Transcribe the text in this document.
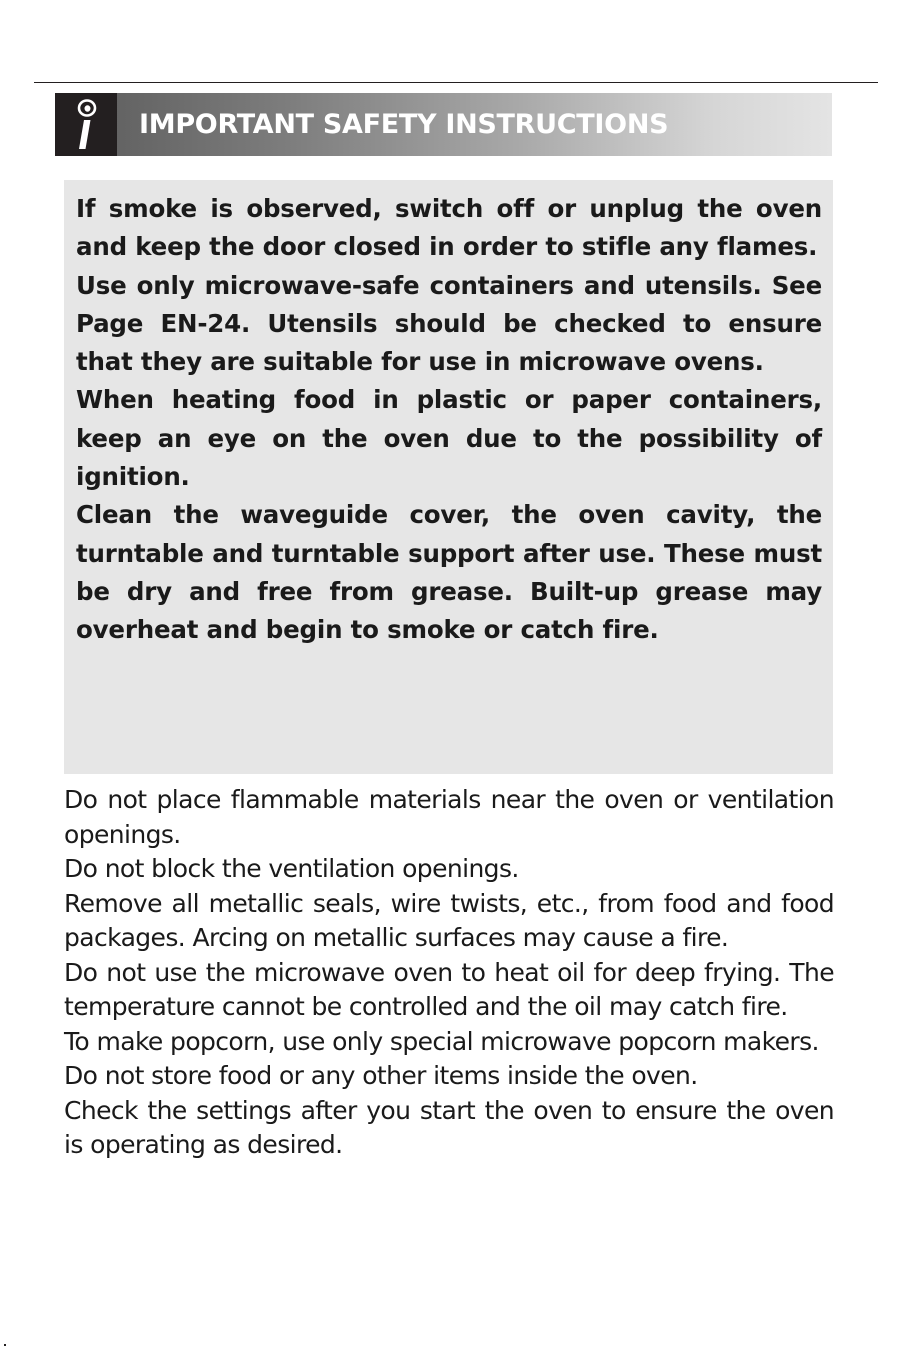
IMPORTANT SAFETY INSTRUCTIONS

If smoke is observed, switch off or unplug the oven and keep the door closed in order to stifle any flames.

Use only microwave-safe containers and utensils. See Page EN-24. Utensils should be checked to ensure that they are suitable for use in microwave ovens.

When heating food in plastic or paper containers, keep an eye on the oven due to the possibility of ignition.

Clean the waveguide cover, the oven cavity, the turntable and turntable support after use. These must be dry and free from grease. Built-up grease may overheat and begin to smoke or catch fire.

Do not place flammable materials near the oven or ventilation openings.

Do not block the ventilation openings.

Remove all metallic seals, wire twists, etc., from food and food packages. Arcing on metallic surfaces may cause a fire.

Do not use the microwave oven to heat oil for deep frying. The temperature cannot be controlled and the oil may catch fire.

To make popcorn, use only special microwave popcorn makers.

Do not store food or any other items inside the oven.

Check the settings after you start the oven to ensure the oven is operating as desired.
